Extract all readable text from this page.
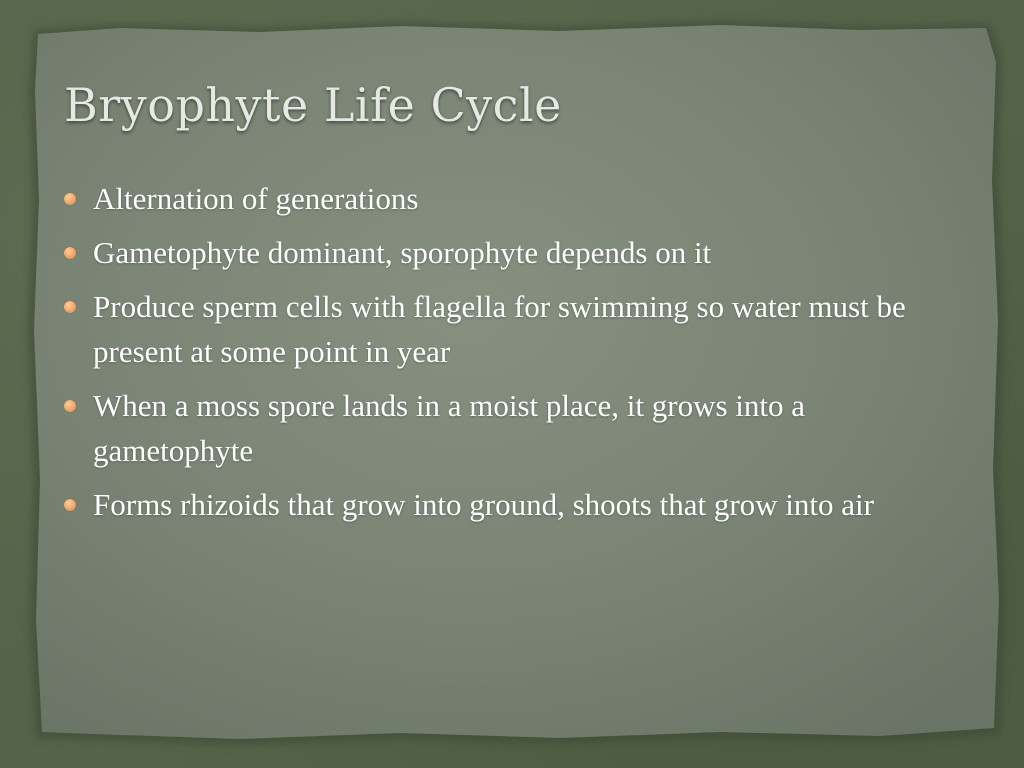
Bryophyte Life Cycle
Alternation of generations
Gametophyte dominant, sporophyte depends on it
Produce sperm cells with flagella for swimming so water must be present at some point in year
When a moss spore lands in a moist place, it grows into a gametophyte
Forms rhizoids that grow into ground, shoots that grow into air
